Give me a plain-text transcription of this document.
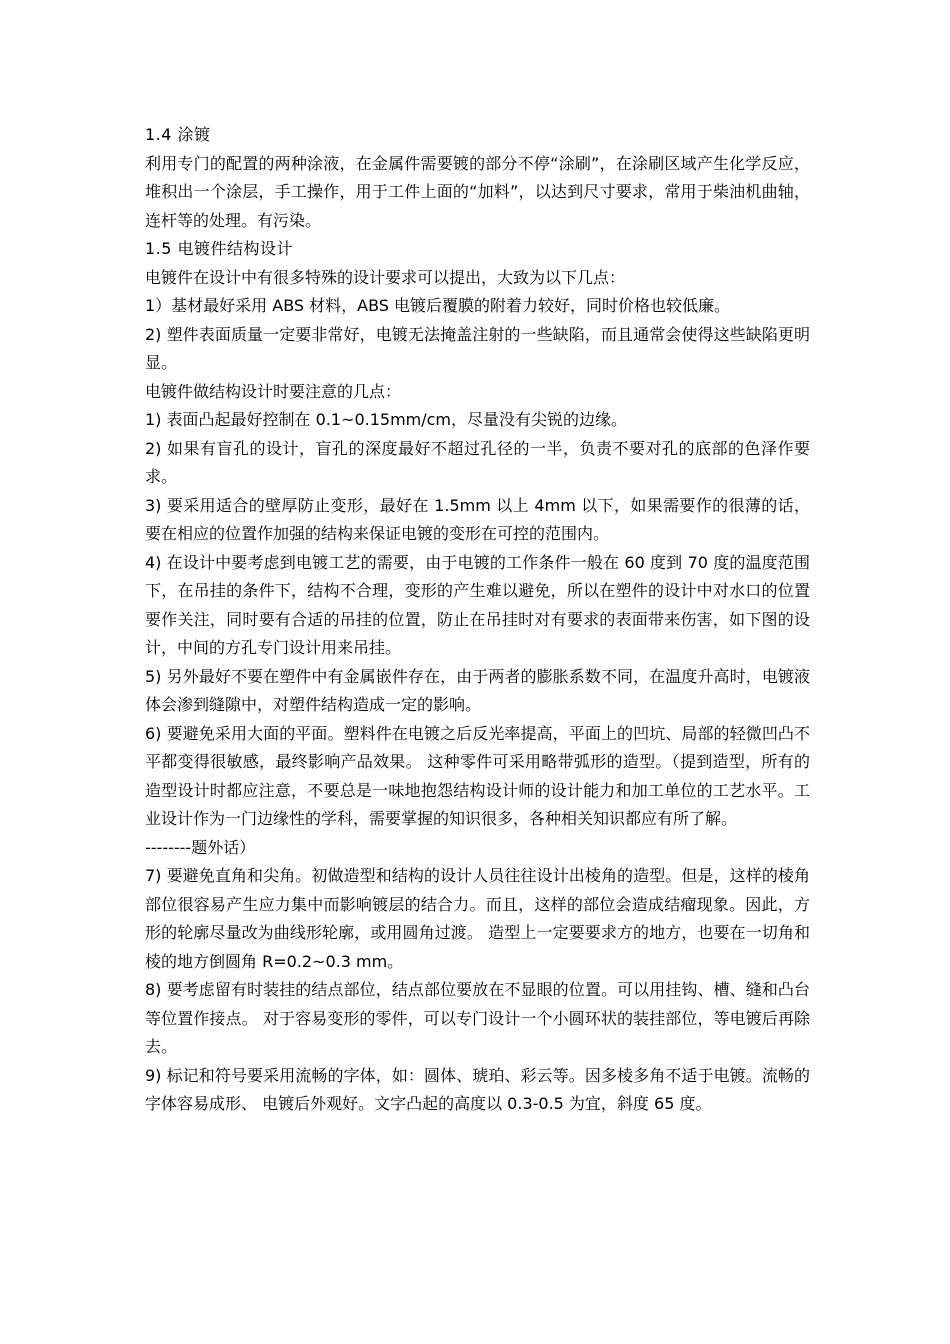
1.4 涂镀

利用专门的配置的两种涂液，在金属件需要镀的部分不停“涂刷”，在涂刷区域产生化学反应，堆积出一个涂层，手工操作，用于工件上面的“加料”，以达到尺寸要求，常用于柴油机曲轴，连杆等的处理。有污染。

1.5 电镀件结构设计

电镀件在设计中有很多特殊的设计要求可以提出，大致为以下几点：

1）基材最好采用 ABS 材料，ABS 电镀后覆膜的附着力较好，同时价格也较低廉。

2) 塑件表面质量一定要非常好，电镀无法掩盖注射的一些缺陷，而且通常会使得这些缺陷更明显。

电镀件做结构设计时要注意的几点：

1) 表面凸起最好控制在 0.1~0.15mm/cm，尽量没有尖锐的边缘。

2) 如果有盲孔的设计，盲孔的深度最好不超过孔径的一半，负责不要对孔的底部的色泽作要求。

3) 要采用适合的壁厚防止变形，最好在 1.5mm 以上 4mm 以下，如果需要作的很薄的话，要在相应的位置作加强的结构来保证电镀的变形在可控的范围内。

4) 在设计中要考虑到电镀工艺的需要，由于电镀的工作条件一般在 60 度到 70 度的温度范围下，在吊挂的条件下，结构不合理，变形的产生难以避免，所以在塑件的设计中对水口的位置要作关注，同时要有合适的吊挂的位置，防止在吊挂时对有要求的表面带来伤害，如下图的设计，中间的方孔专门设计用来吊挂。

5) 另外最好不要在塑件中有金属嵌件存在，由于两者的膨胀系数不同，在温度升高时，电镀液体会渗到缝隙中，对塑件结构造成一定的影响。

6) 要避免采用大面的平面。塑料件在电镀之后反光率提高，平面上的凹坑、局部的轻微凹凸不平都变得很敏感，最终影响产品效果。 这种零件可采用略带弧形的造型。（提到造型，所有的造型设计时都应注意，不要总是一味地抱怨结构设计师的设计能力和加工单位的工艺水平。工业设计作为一门边缘性的学科，需要掌握的知识很多，各种相关知识都应有所了解。

--------题外话）

7) 要避免直角和尖角。初做造型和结构的设计人员往往设计出棱角的造型。但是，这样的棱角部位很容易产生应力集中而影响镀层的结合力。而且，这样的部位会造成结瘤现象。因此，方形的轮廓尽量改为曲线形轮廓，或用圆角过渡。 造型上一定要要求方的地方，也要在一切角和棱的地方倒圆角 R=0.2~0.3 mm。

8) 要考虑留有时装挂的结点部位，结点部位要放在不显眼的位置。可以用挂钩、槽、缝和凸台等位置作接点。 对于容易变形的零件，可以专门设计一个小圆环状的装挂部位，等电镀后再除去。

9) 标记和符号要采用流畅的字体，如：圆体、琥珀、彩云等。因多棱多角不适于电镀。流畅的字体容易成形、 电镀后外观好。文字凸起的高度以 0.3-0.5 为宜，斜度 65 度。
